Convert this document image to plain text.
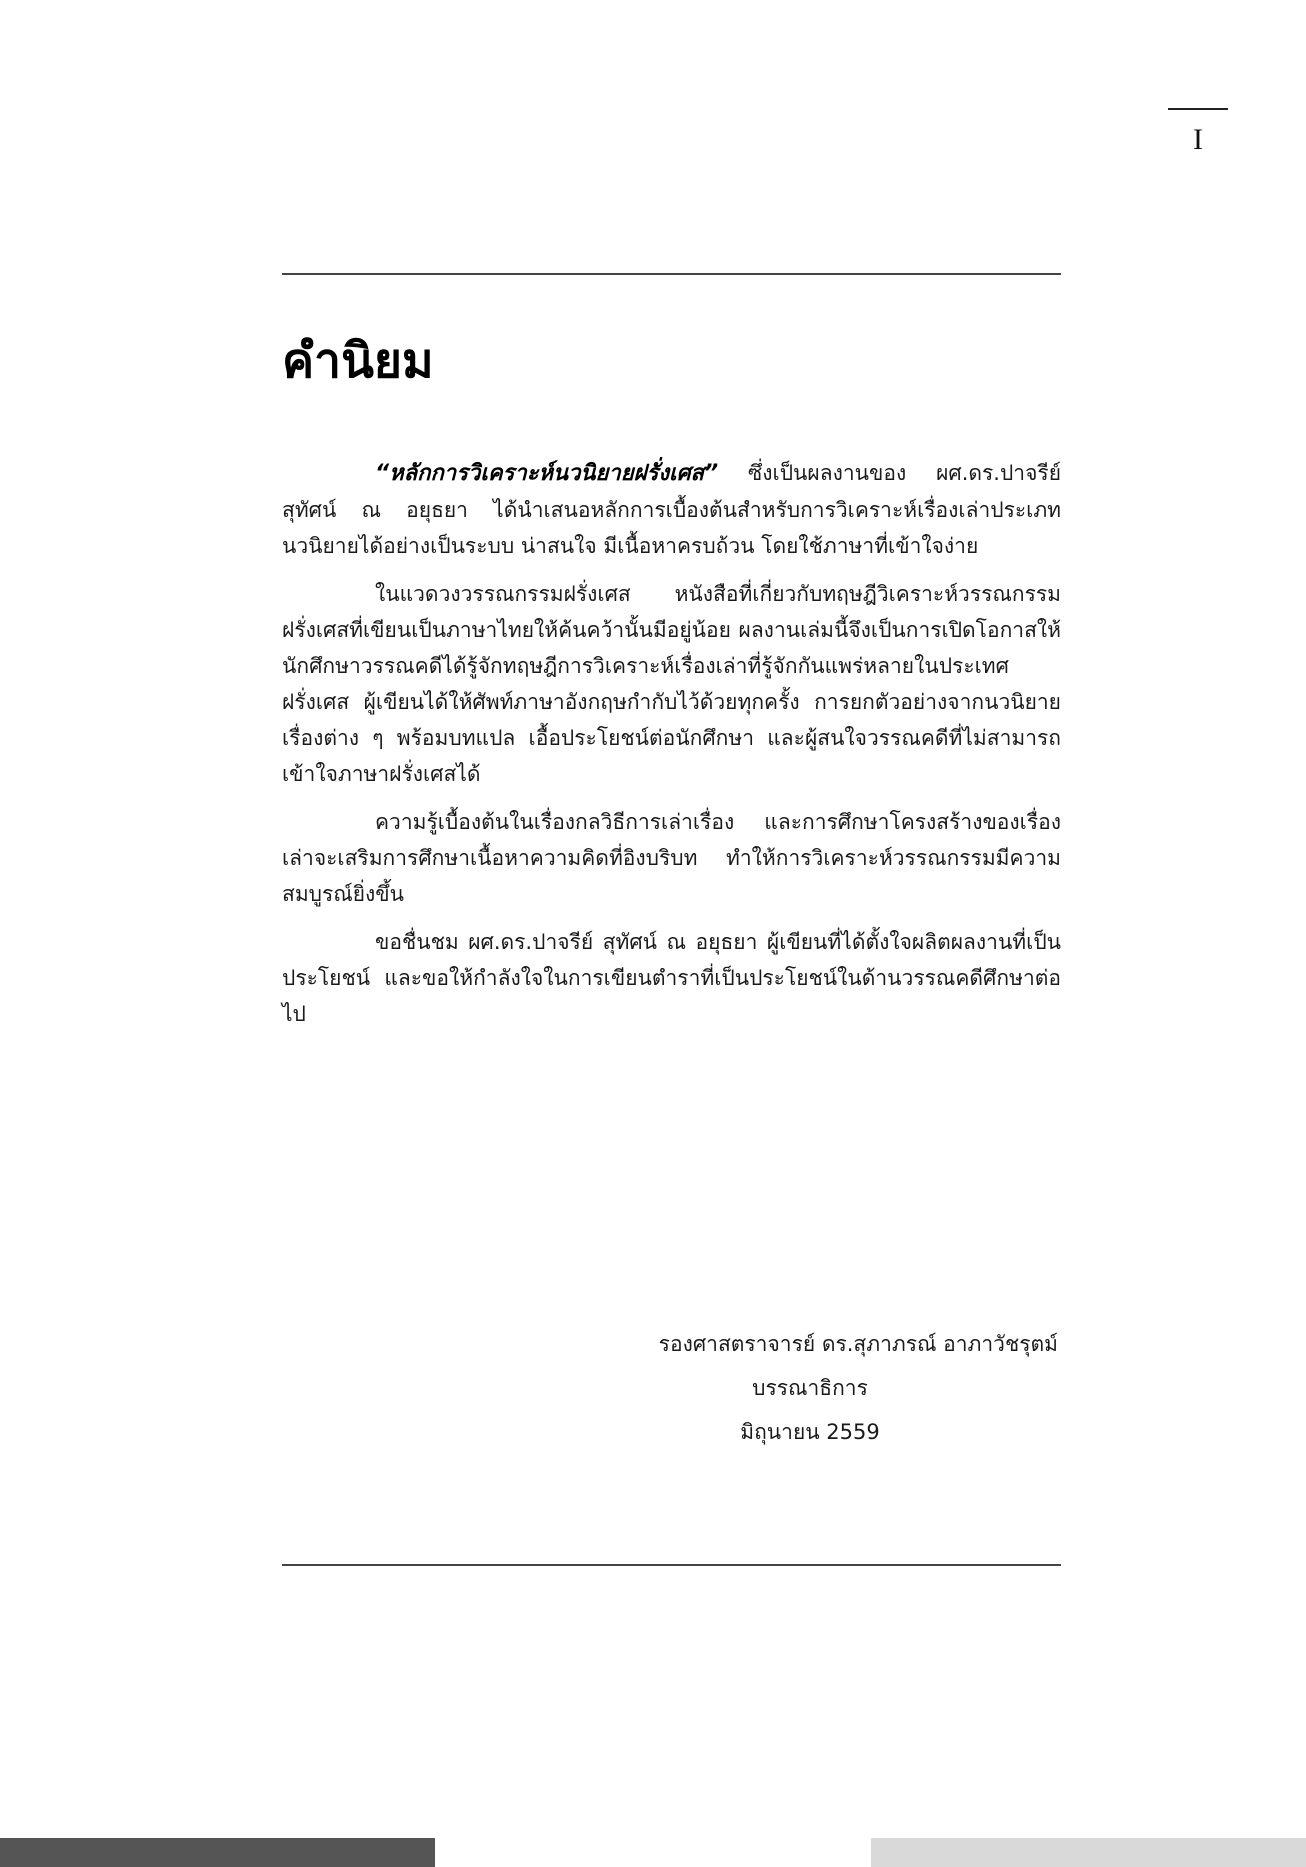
I
คำนิยม

“หลักการวิเคราะห์นวนิยายฝรั่งเศส” ซึ่งเป็นผลงานของ ผศ.ดร.ปาจรีย์ สุทัศน์ ณ อยุธยา ได้นำเสนอหลักการเบื้องต้นสำหรับการวิเคราะห์เรื่องเล่าประเภทนวนิยายได้อย่างเป็นระบบ น่าสนใจ มีเนื้อหาครบถ้วน โดยใช้ภาษาที่เข้าใจง่าย

ในแวดวงวรรณกรรมฝรั่งเศส หนังสือที่เกี่ยวกับทฤษฎีวิเคราะห์วรรณกรรมฝรั่งเศสที่เขียนเป็นภาษาไทยให้ค้นคว้านั้นมีอยู่น้อย ผลงานเล่มนี้จึงเป็นการเปิดโอกาสให้นักศึกษาวรรณคดีได้รู้จักทฤษฎีการวิเคราะห์เรื่องเล่าที่รู้จักกันแพร่หลายในประเทศฝรั่งเศส ผู้เขียนได้ให้ศัพท์ภาษาอังกฤษกำกับไว้ด้วยทุกครั้ง การยกตัวอย่างจากนวนิยายเรื่องต่าง ๆ พร้อมบทแปล เอื้อประโยชน์ต่อนักศึกษา และผู้สนใจวรรณคดีที่ไม่สามารถเข้าใจภาษาฝรั่งเศสได้

ความรู้เบื้องต้นในเรื่องกลวิธีการเล่าเรื่อง และการศึกษาโครงสร้างของเรื่องเล่าจะเสริมการศึกษาเนื้อหาความคิดที่อิงบริบท ทำให้การวิเคราะห์วรรณกรรมมีความสมบูรณ์ยิ่งขึ้น

ขอชื่นชม ผศ.ดร.ปาจรีย์ สุทัศน์ ณ อยุธยา ผู้เขียนที่ได้ตั้งใจผลิตผลงานที่เป็นประโยชน์ และขอให้กำลังใจในการเขียนตำราที่เป็นประโยชน์ในด้านวรรณคดีศึกษาต่อไป

รองศาสตราจารย์ ดร.สุภาภรณ์ อาภาวัชรุตม์
บรรณาธิการ
มิถุนายน 2559
